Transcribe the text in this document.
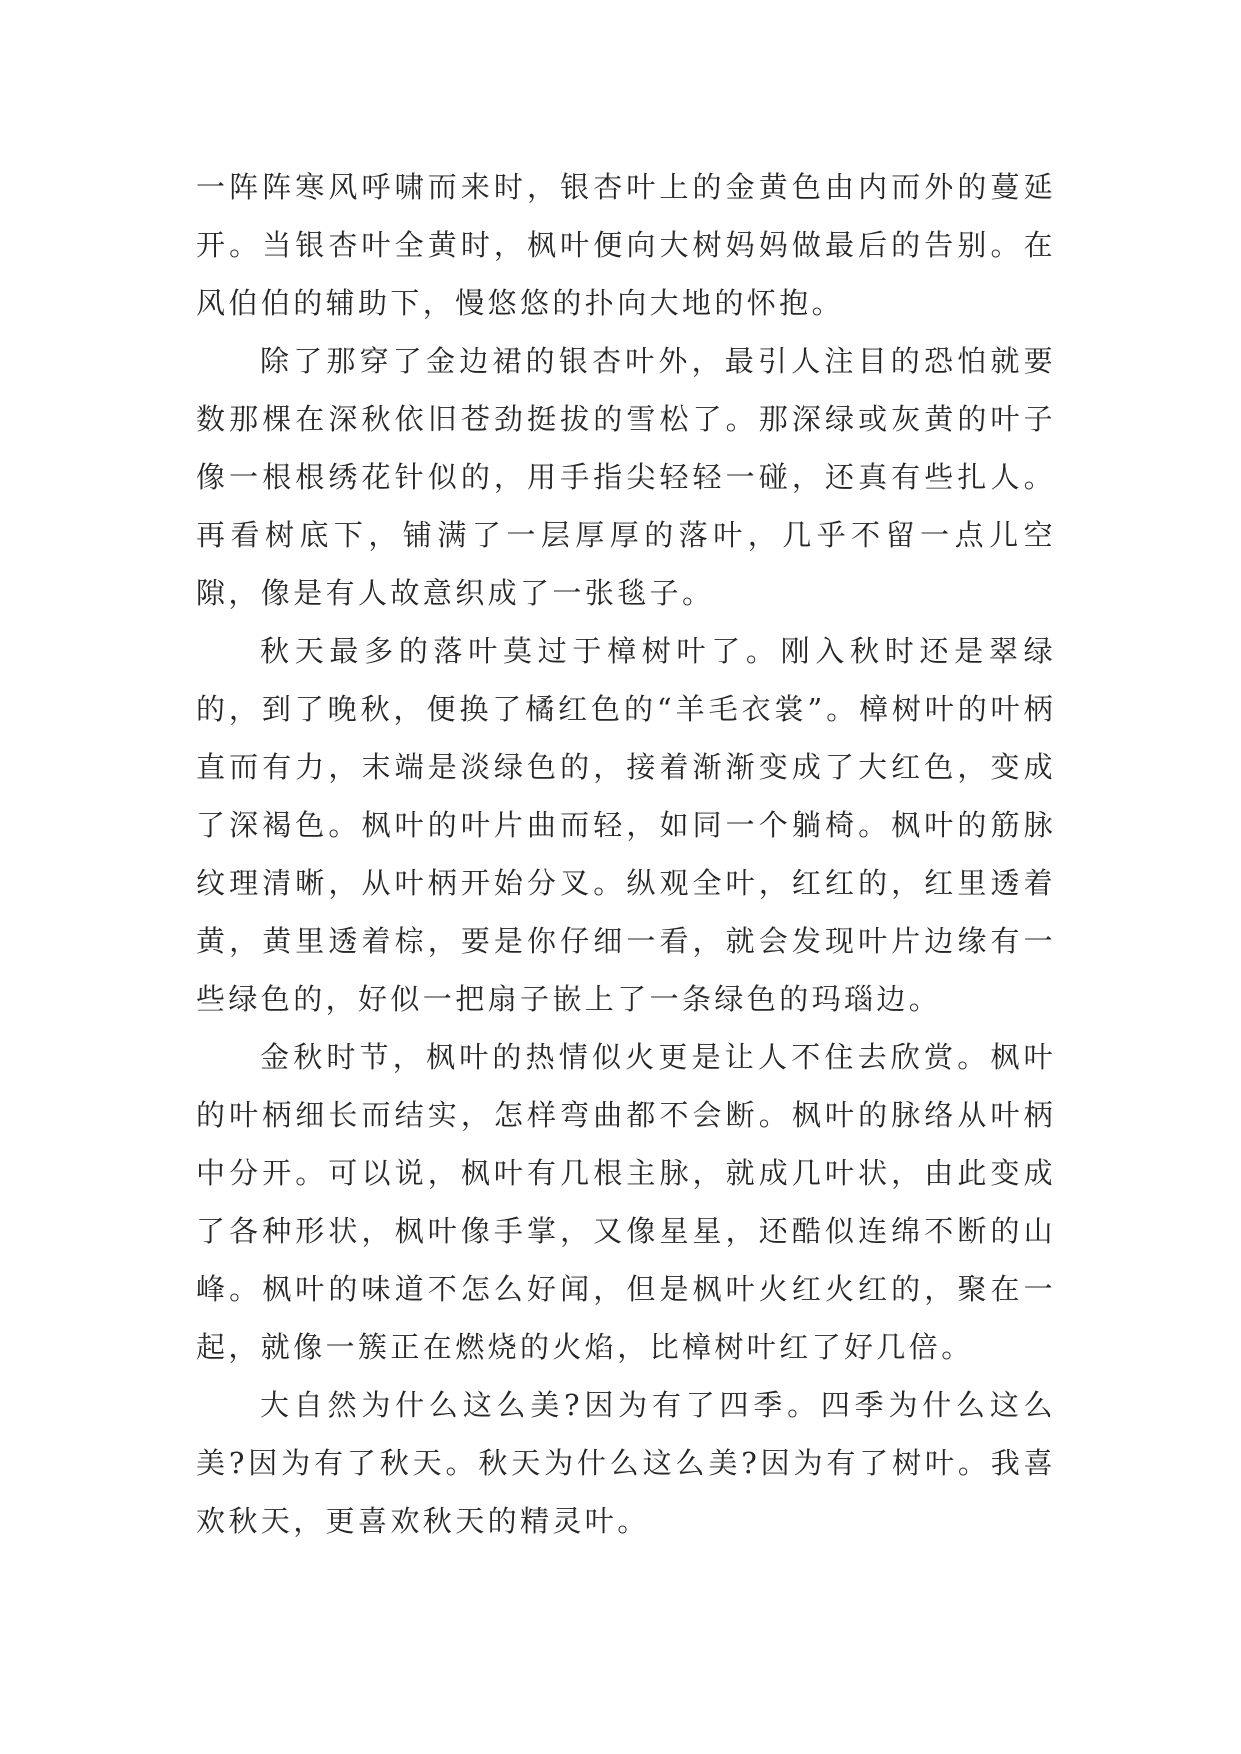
一阵阵寒风呼啸而来时，银杏叶上的金黄色由内而外的蔓延开。当银杏叶全黄时，枫叶便向大树妈妈做最后的告别。在风伯伯的辅助下，慢悠悠的扑向大地的怀抱。

除了那穿了金边裙的银杏叶外，最引人注目的恐怕就要数那棵在深秋依旧苍劲挺拔的雪松了。那深绿或灰黄的叶子像一根根绣花针似的，用手指尖轻轻一碰，还真有些扎人。再看树底下，铺满了一层厚厚的落叶，几乎不留一点儿空隙，像是有人故意织成了一张毯子。

秋天最多的落叶莫过于樟树叶了。刚入秋时还是翠绿的，到了晚秋，便换了橘红色的“羊毛衣裳”。樟树叶的叶柄直而有力，末端是淡绿色的，接着渐渐变成了大红色，变成了深褐色。枫叶的叶片曲而轻，如同一个躺椅。枫叶的筋脉纹理清晰，从叶柄开始分叉。纵观全叶，红红的，红里透着黄，黄里透着棕，要是你仔细一看，就会发现叶片边缘有一些绿色的，好似一把扇子嵌上了一条绿色的玛瑙边。

金秋时节，枫叶的热情似火更是让人不住去欣赏。枫叶的叶柄细长而结实，怎样弯曲都不会断。枫叶的脉络从叶柄中分开。可以说，枫叶有几根主脉，就成几叶状，由此变成了各种形状，枫叶像手掌，又像星星，还酷似连绵不断的山峰。枫叶的味道不怎么好闻，但是枫叶火红火红的，聚在一起，就像一簇正在燃烧的火焰，比樟树叶红了好几倍。

大自然为什么这么美?因为有了四季。四季为什么这么美?因为有了秋天。秋天为什么这么美?因为有了树叶。我喜欢秋天，更喜欢秋天的精灵叶。
